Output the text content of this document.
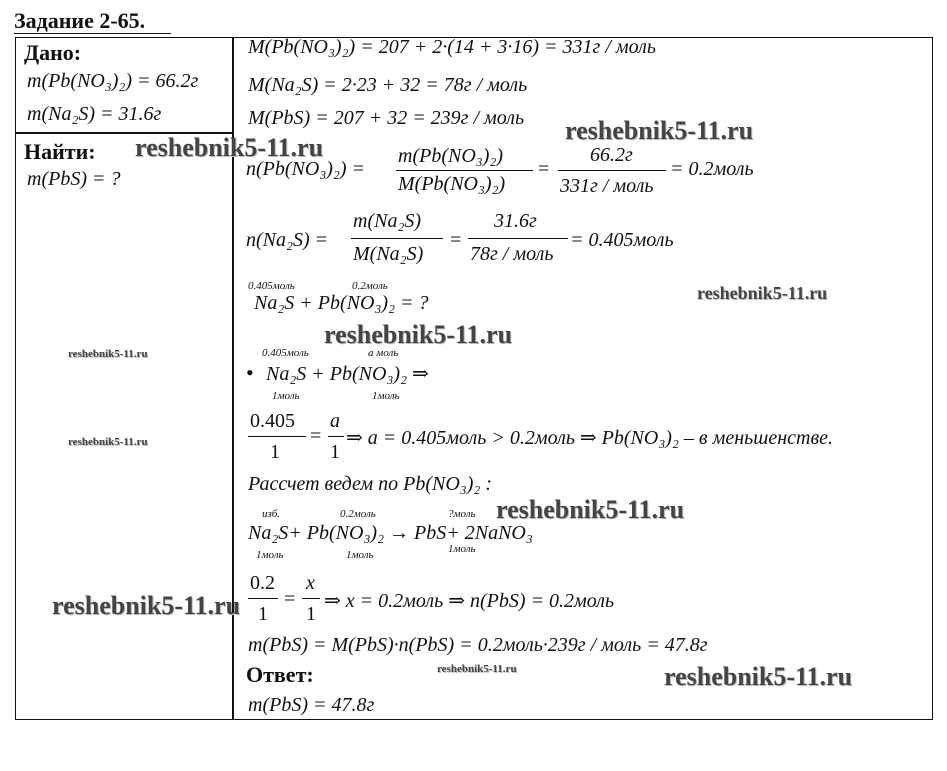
Задание 2-65.
Дано:
m(Pb(NO₃)₂) = 66.2г
m(Na₂S) = 31.6г
Найти:
m(PbS) = ?
M(Pb(NO₃)₂) = 207 + 2·(14 + 3·16) = 331г / моль
M(Na₂S) = 2·23 + 32 = 78г / моль
M(PbS) = 207 + 32 = 239г / моль
n(Pb(NO₃)₂) =
m(Pb(NO₃)₂)
M(Pb(NO₃)₂)
=
66.2г
331г / моль
= 0.2моль
n(Na₂S) =
m(Na₂S)
M(Na₂S)
=
31.6г
78г / моль
= 0.405моль
0.405моль	0.2моль
Na₂S + Pb(NO₃)₂ = ?
0.405моль	a моль
• Na₂S + Pb(NO₃)₂ ⇒
1моль	1моль
0.405
1
=
a
1
⇒ a = 0.405моль > 0.2моль ⇒ Pb(NO₃)₂ – в меньшенстве.
Рассчет ведем по Pb(NO₃)₂ :
изб.	0.2моль	?моль
Na₂S+ Pb(NO₃)₂ → PbS+ 2NaNO₃
1моль	1моль	1моль
0.2
1
=
x
1
⇒ x = 0.2моль ⇒ n(PbS) = 0.2моль
m(PbS) = M(PbS)·n(PbS) = 0.2моль·239г / моль = 47.8г
Ответ:
m(PbS) = 47.8г
reshebnik5-11.ru
reshebnik5-11.ru
reshebnik5-11.ru
reshebnik5-11.ru
reshebnik5-11.ru
reshebnik5-11.ru
reshebnik5-11.ru
reshebnik5-11.ru
reshebnik5-11.ru	reshebnik5-11.ru
